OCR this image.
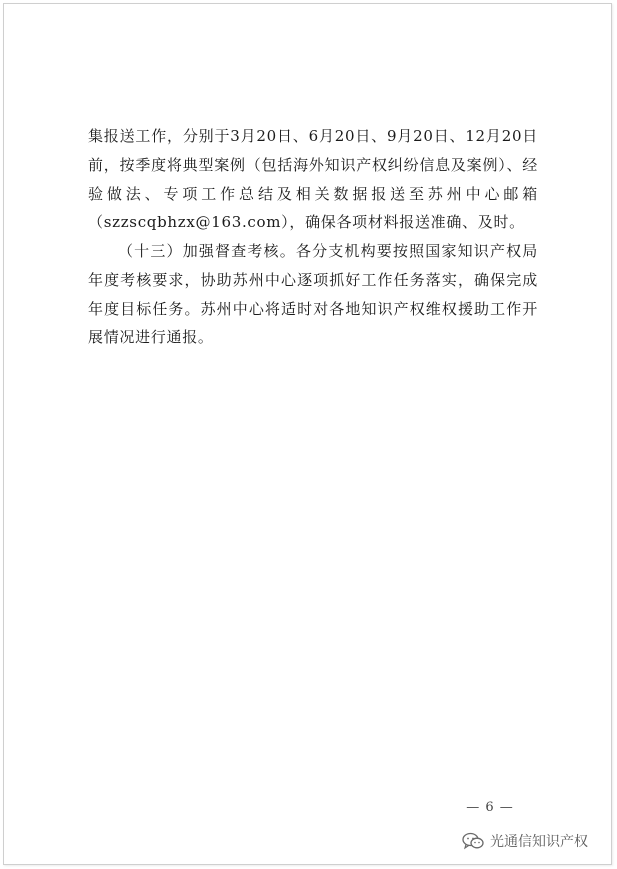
集报送工作，分别于3月20日、6月20日、9月20日、12月20日前，按季度将典型案例（包括海外知识产权纠纷信息及案例）、经验做法、专项工作总结及相关数据报送至苏州中心邮箱（szzscqbhzx@163.com），确保各项材料报送准确、及时。

（十三）加强督查考核。各分支机构要按照国家知识产权局年度考核要求，协助苏州中心逐项抓好工作任务落实，确保完成年度目标任务。苏州中心将适时对各地知识产权维权援助工作开展情况进行通报。

— 6 —
光通信知识产权
